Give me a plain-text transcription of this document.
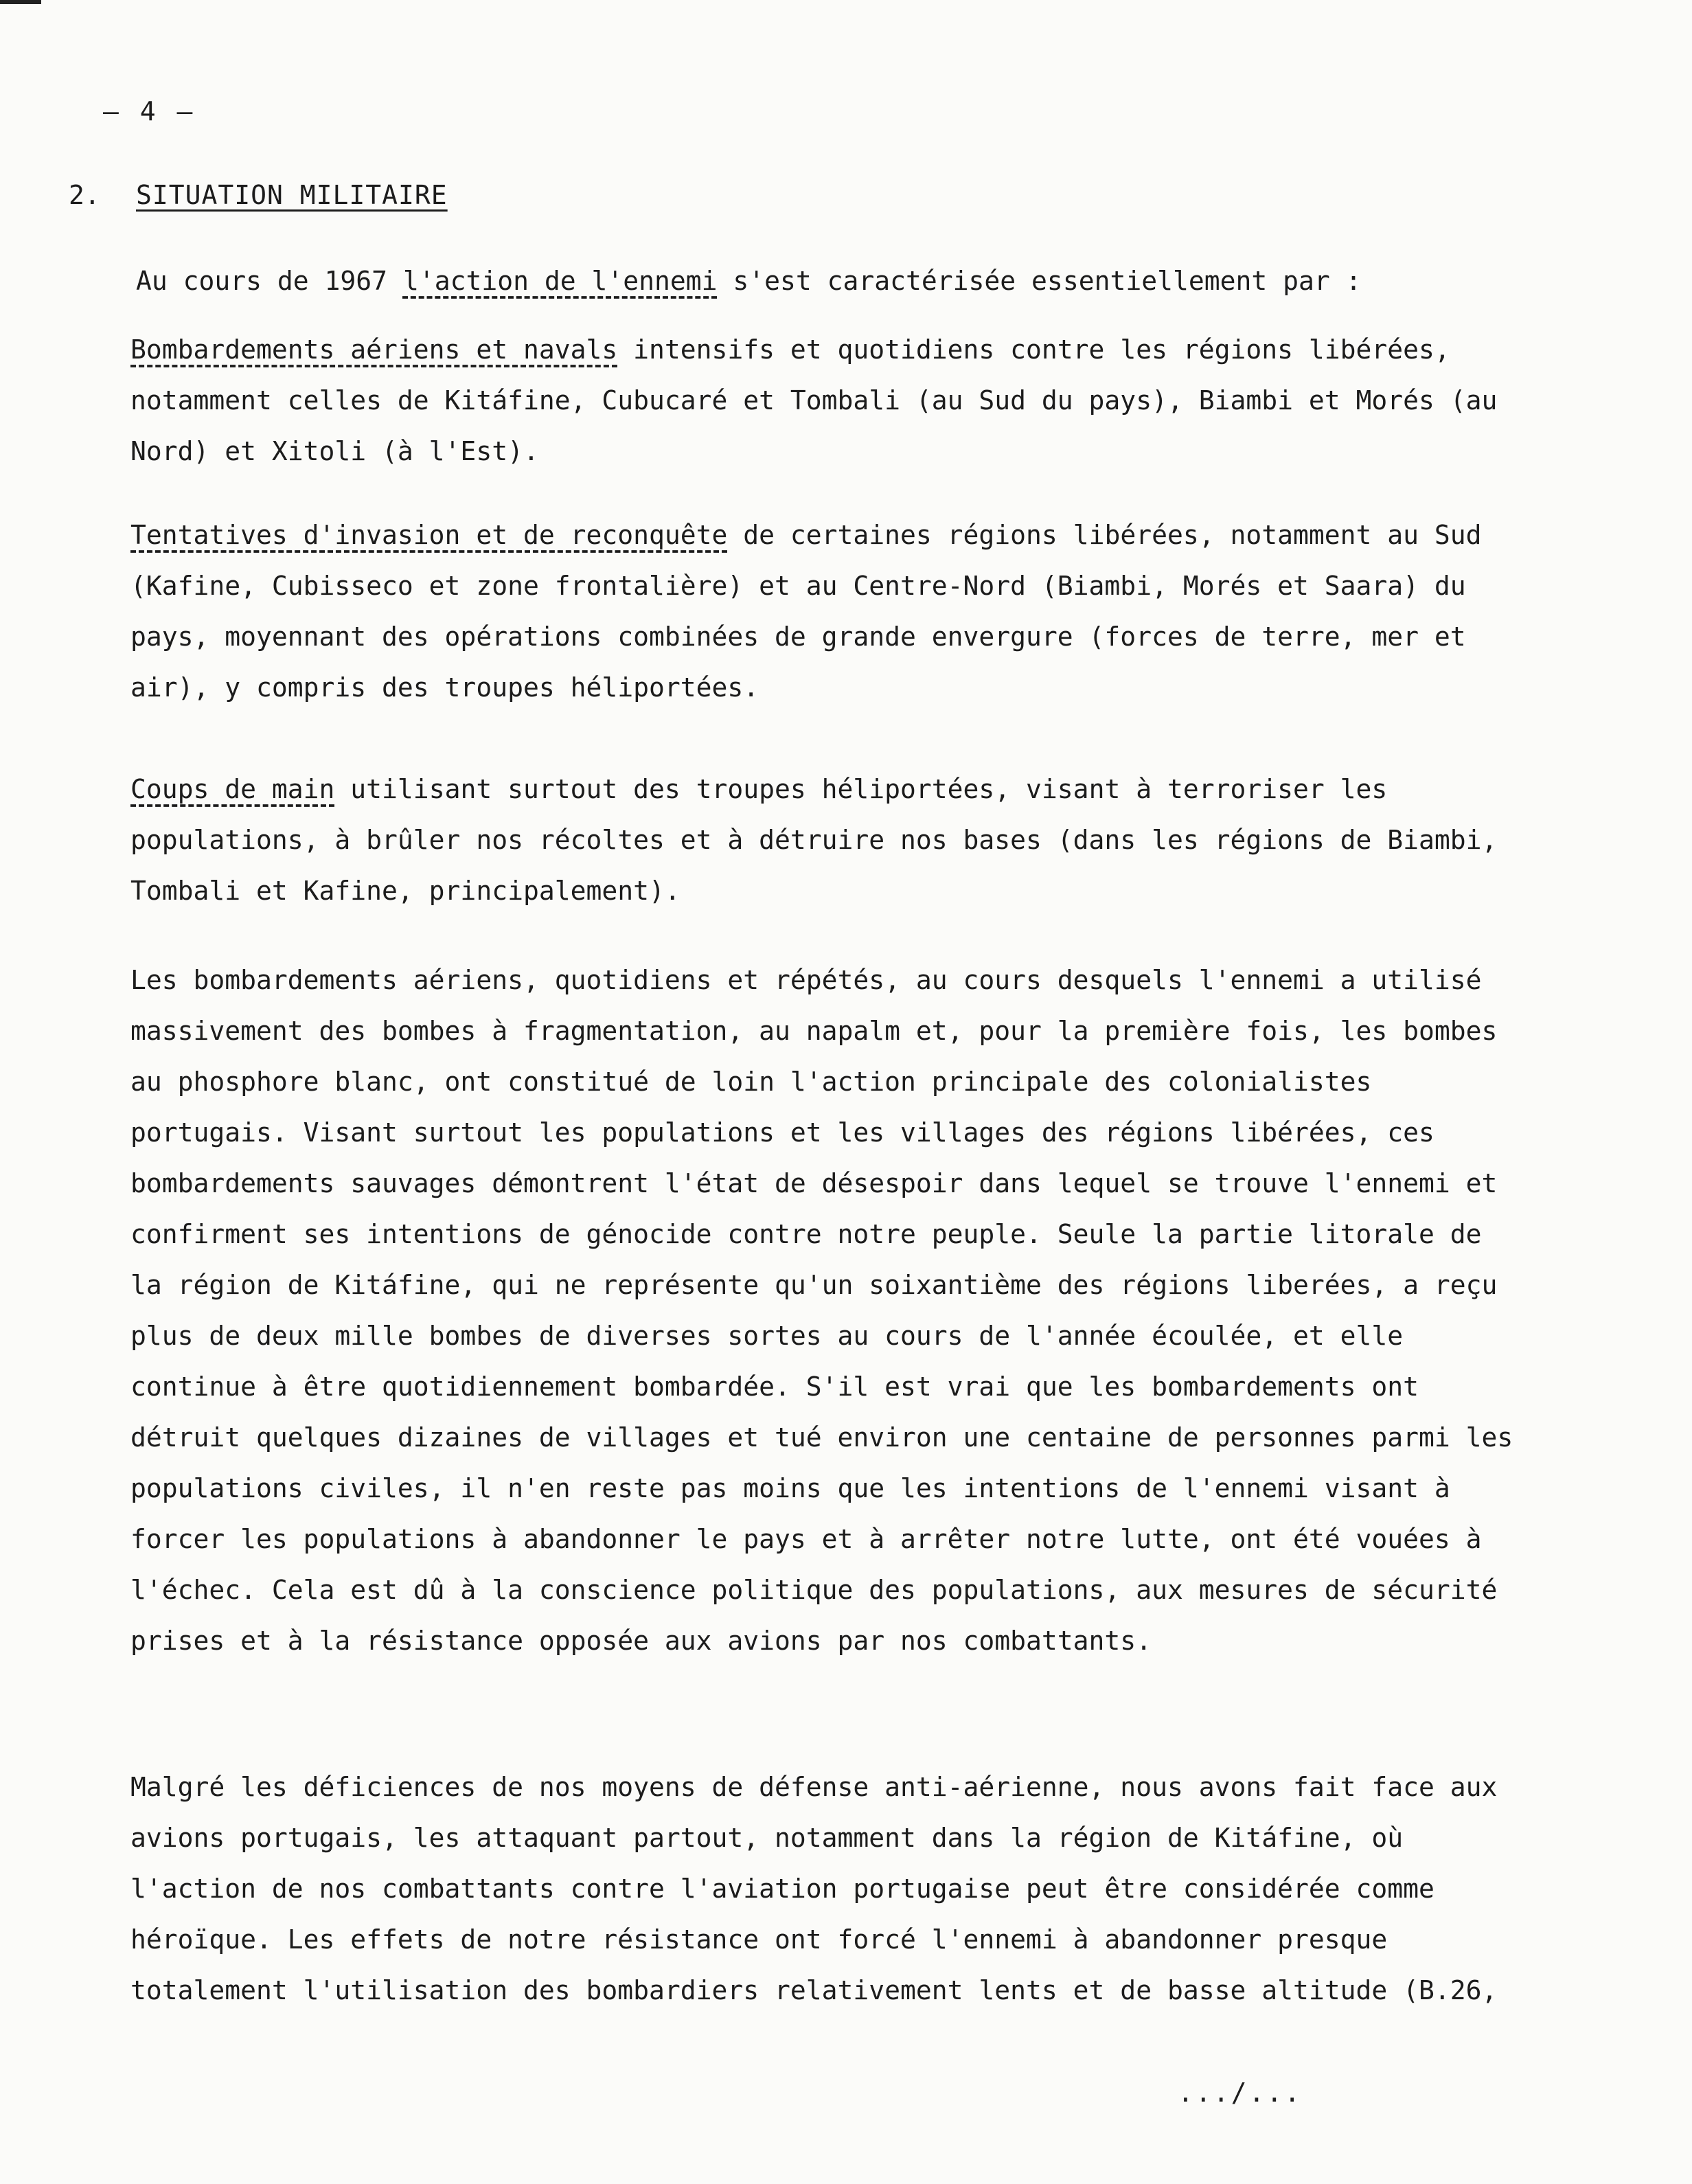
– 4 –
2.	SITUATION MILITAIRE

Au cours de 1967 l'action de l'ennemi s'est caractérisée essentiellement par :

Bombardements aériens et navals intensifs et quotidiens contre les régions libérées, notamment celles de Kitáfine, Cubucaré et Tombali (au Sud du pays), Biambi et Morés (au Nord) et Xitoli (à l'Est).

Tentatives d'invasion et de reconquête de certaines régions libérées, notamment au Sud (Kafine, Cubisseco et zone frontalière) et au Centre-Nord (Biambi, Morés et Saara) du pays, moyennant des opérations combinées de grande envergure (forces de terre, mer et air), y compris des troupes héliportées.

Coups de main utilisant surtout des troupes héliportées, visant à terroriser les populations, à brûler nos récoltes et à détruire nos bases (dans les régions de Biambi, Tombali et Kafine, principalement).

Les bombardements aériens, quotidiens et répétés, au cours desquels l'ennemi a utilisé massivement des bombes à fragmentation, au napalm et, pour la première fois, les bombes au phosphore blanc, ont constitué de loin l'action principale des colonialistes portugais. Visant surtout les populations et les villages des régions libérées, ces bombardements sauvages démontrent l'état de désespoir dans lequel se trouve l'ennemi et confirment ses intentions de génocide contre notre peuple. Seule la partie litorale de la région de Kitáfine, qui ne représente qu'un soixantième des régions liberées, a reçu plus de deux mille bombes de diverses sortes au cours de l'année écoulée, et elle continue à être quotidiennement bombardée. S'il est vrai que les bombardements ont détruit quelques dizaines de villages et tué environ une centaine de personnes parmi les populations civiles, il n'en reste pas moins que les intentions de l'ennemi visant à forcer les populations à abandonner le pays et à arrêter notre lutte, ont été vouées à l'échec. Cela est dû à la conscience politique des populations, aux mesures de sécurité prises et à la résistance opposée aux avions par nos combattants.

Malgré les déficiences de nos moyens de défense anti-aérienne, nous avons fait face aux avions portugais, les attaquant partout, notamment dans la région de Kitáfine, où l'action de nos combattants contre l'aviation portugaise peut être considérée comme héroïque. Les effets de notre résistance ont forcé l'ennemi à abandonner presque totalement l'utilisation des bombardiers relativement lents et de basse altitude (B.26,

.../...
